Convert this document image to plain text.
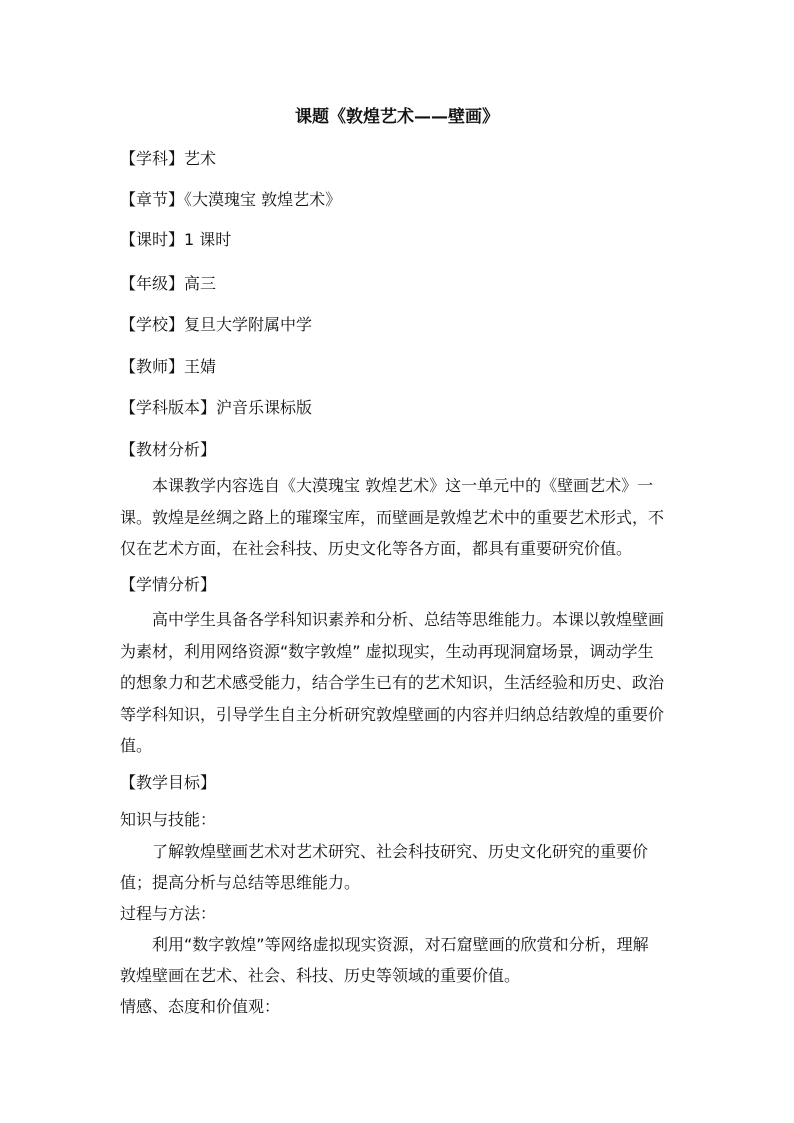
课题《敦煌艺术——壁画》
【学科】艺术
【章节】《大漠瑰宝 敦煌艺术》
【课时】1 课时
【年级】高三
【学校】复旦大学附属中学
【教师】王婧
【学科版本】沪音乐课标版
【教材分析】
本课教学内容选自《大漠瑰宝 敦煌艺术》这一单元中的《壁画艺术》一
课。敦煌是丝绸之路上的璀璨宝库，而壁画是敦煌艺术中的重要艺术形式，不
仅在艺术方面，在社会科技、历史文化等各方面，都具有重要研究价值。
【学情分析】
高中学生具备各学科知识素养和分析、总结等思维能力。本课以敦煌壁画
为素材，利用网络资源“数字敦煌” 虚拟现实，生动再现洞窟场景，调动学生
的想象力和艺术感受能力，结合学生已有的艺术知识，生活经验和历史、政治
等学科知识，引导学生自主分析研究敦煌壁画的内容并归纳总结敦煌的重要价
值。
【教学目标】
知识与技能：
了解敦煌壁画艺术对艺术研究、社会科技研究、历史文化研究的重要价
值；提高分析与总结等思维能力。
过程与方法：
利用“数字敦煌”等网络虚拟现实资源，对石窟壁画的欣赏和分析，理解
敦煌壁画在艺术、社会、科技、历史等领域的重要价值。
情感、态度和价值观：
